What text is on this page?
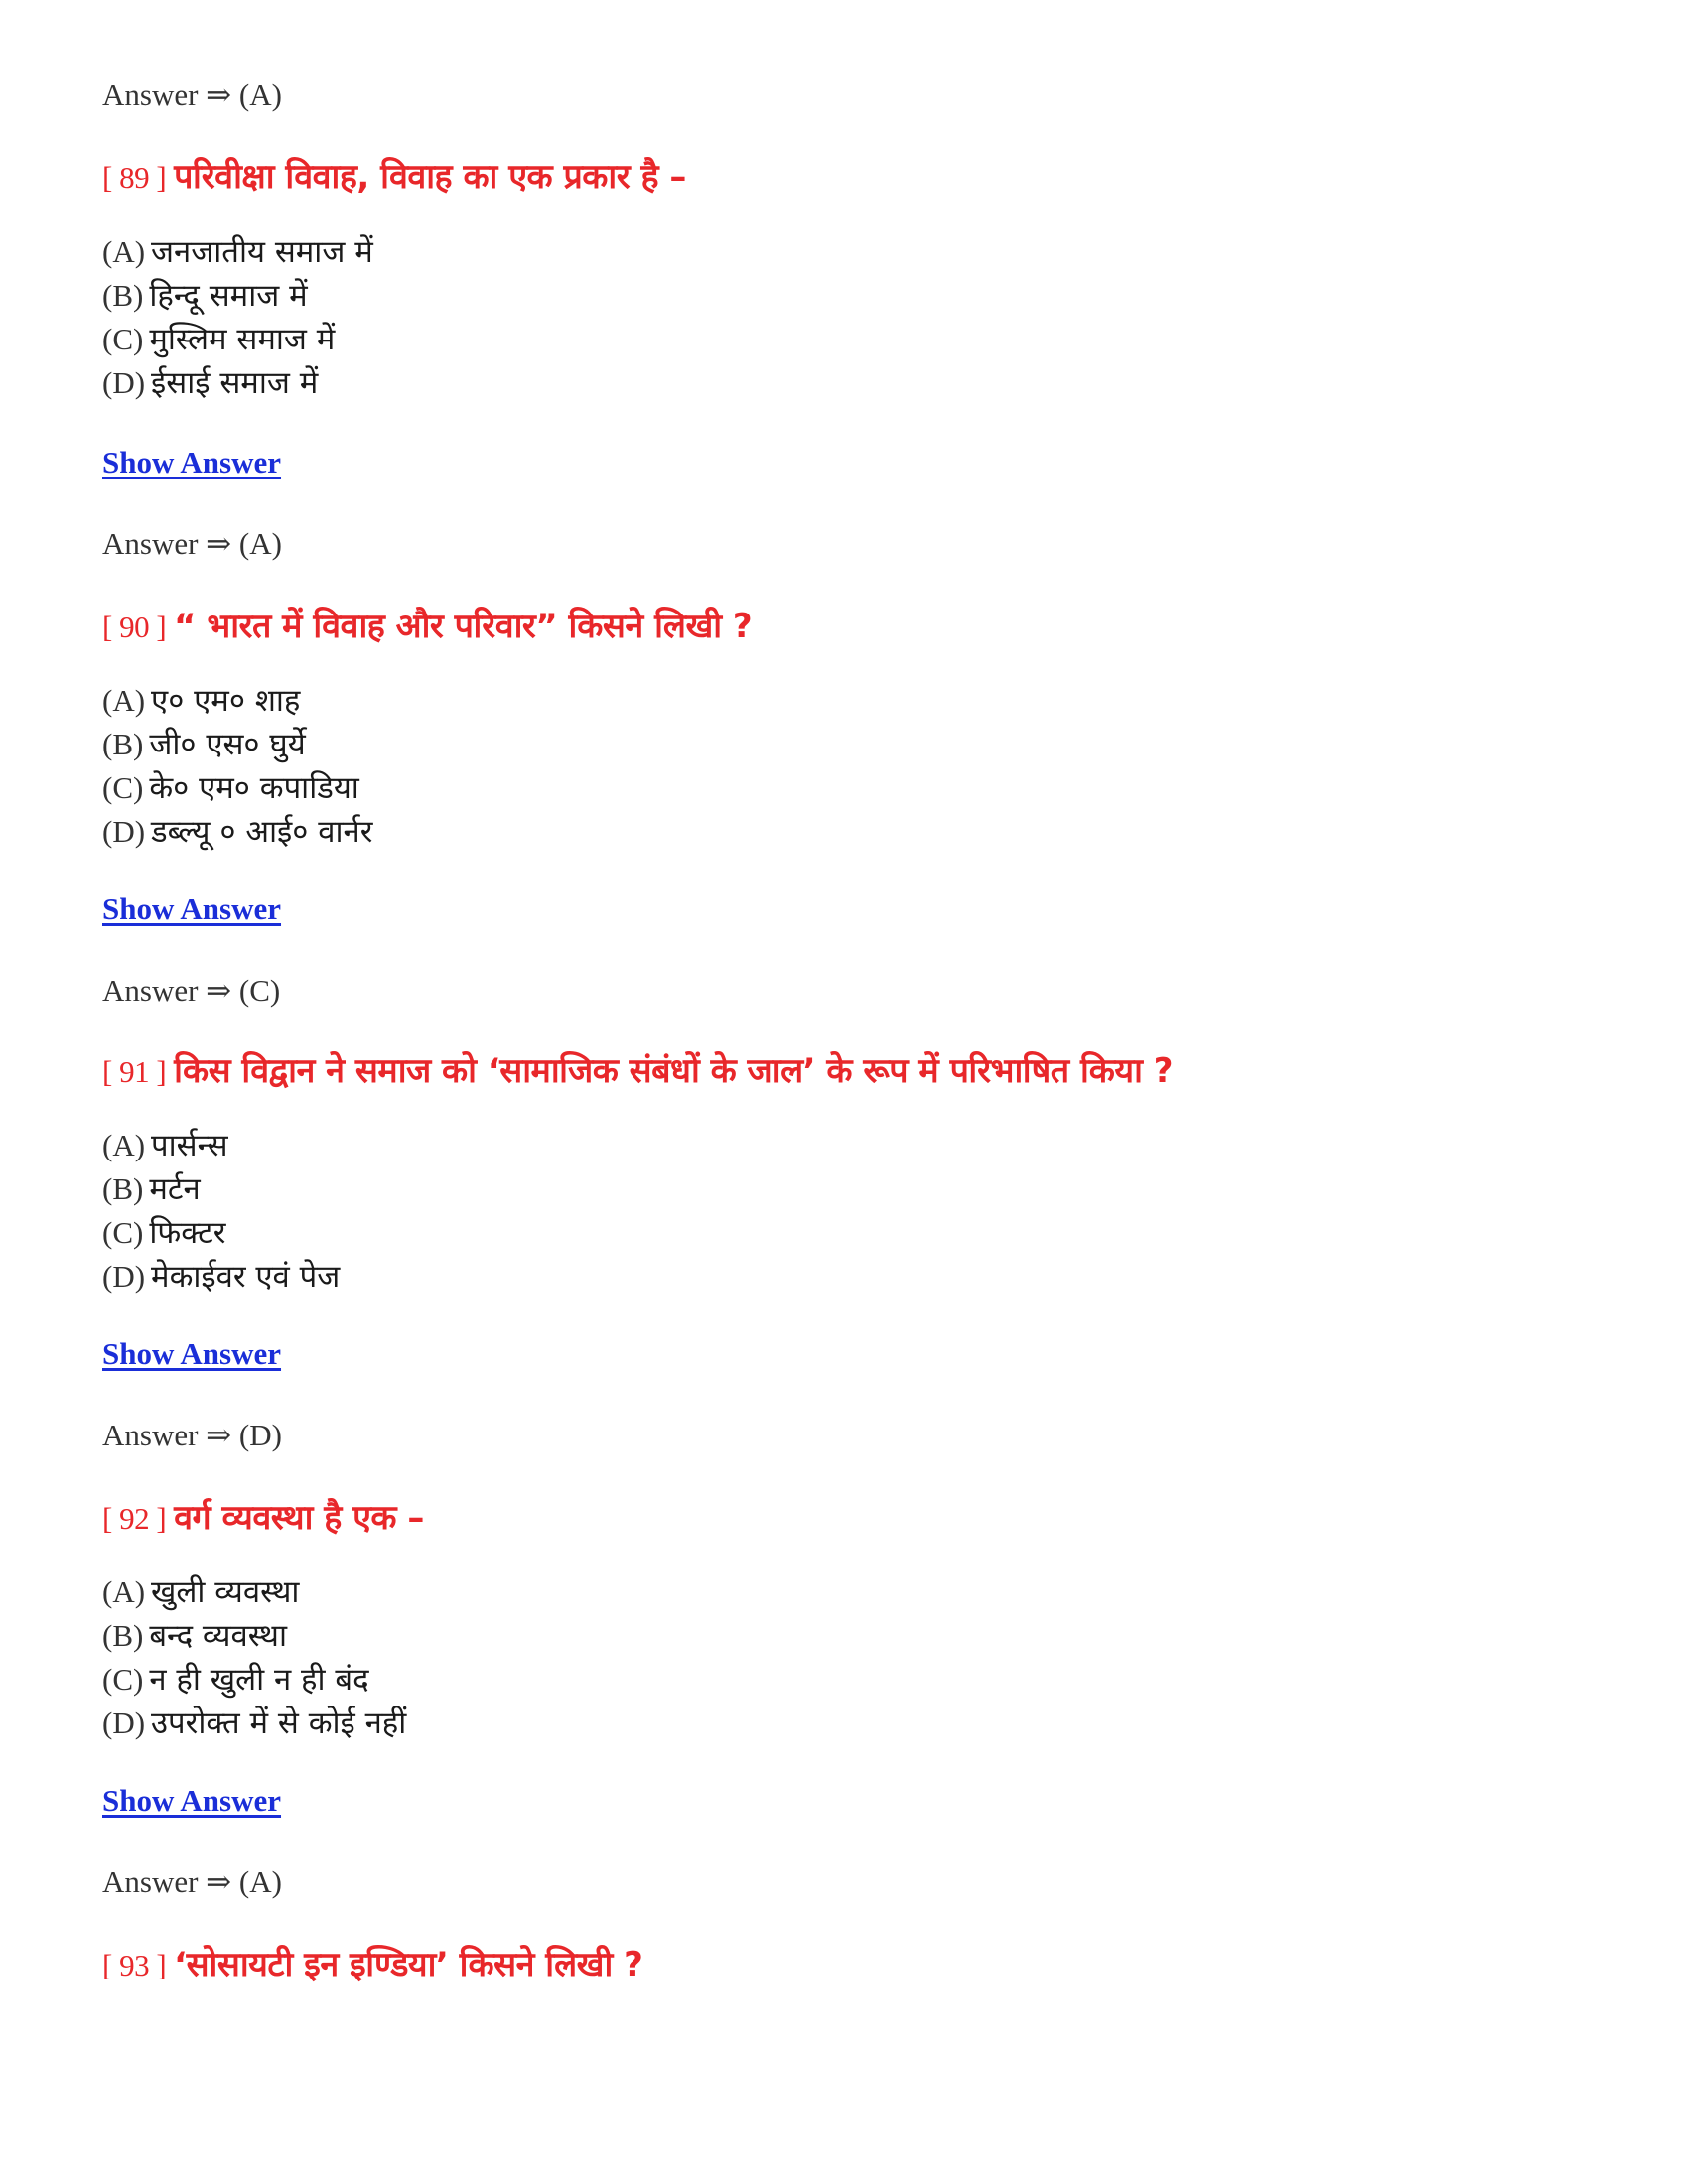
Answer ⇒ (A)
[ 89 ] परिवीक्षा विवाह, विवाह का एक प्रकार है –
(A) जनजातीय समाज में
(B) हिन्दू समाज में
(C) मुस्लिम समाज में
(D) ईसाई समाज में
Show Answer
Answer ⇒ (A)
[ 90 ] “ भारत में विवाह और परिवार” किसने लिखी ?
(A) ए० एम० शाह
(B) जी० एस० घुर्ये
(C) के० एम० कपाडिया
(D) डब्ल्यू ० आई० वार्नर
Show Answer
Answer ⇒ (C)
[ 91 ] किस विद्वान ने समाज को ‘सामाजिक संबंधों के जाल’ के रूप में परिभाषित किया ?
(A) पार्सन्स
(B) मर्टन
(C) फिक्टर
(D) मेकाईवर एवं पेज
Show Answer
Answer ⇒ (D)
[ 92 ] वर्ग व्यवस्था है एक –
(A) खुली व्यवस्था
(B) बन्द व्यवस्था
(C) न ही खुली न ही बंद
(D) उपरोक्त में से कोई नहीं
Show Answer
Answer ⇒ (A)
[ 93 ] ‘सोसायटी इन इण्डिया’ किसने लिखी ?
